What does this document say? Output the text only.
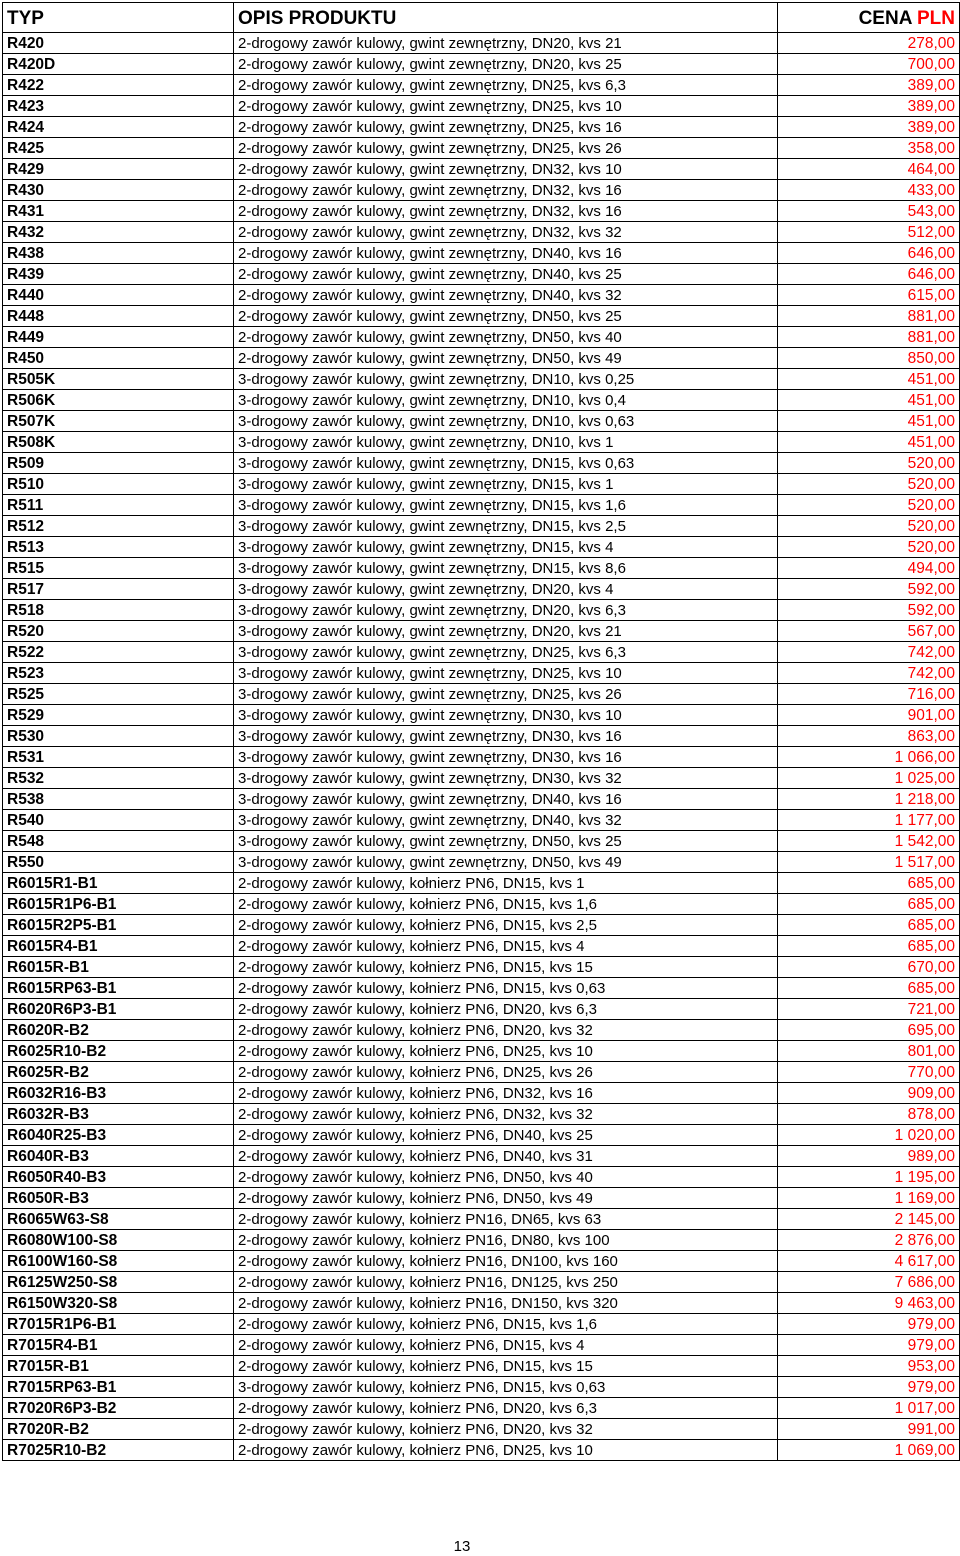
TYP	OPIS PRODUKTU	CENA PLN
R420	2-drogowy zawór kulowy, gwint zewnętrzny, DN20, kvs 21	278,00
R420D	2-drogowy zawór kulowy, gwint zewnętrzny, DN20, kvs 25	700,00
R422	2-drogowy zawór kulowy, gwint zewnętrzny, DN25, kvs 6,3	389,00
R423	2-drogowy zawór kulowy, gwint zewnętrzny, DN25, kvs 10	389,00
R424	2-drogowy zawór kulowy, gwint zewnętrzny, DN25, kvs 16	389,00
R425	2-drogowy zawór kulowy, gwint zewnętrzny, DN25, kvs 26	358,00
R429	2-drogowy zawór kulowy, gwint zewnętrzny, DN32, kvs 10	464,00
R430	2-drogowy zawór kulowy, gwint zewnętrzny, DN32, kvs 16	433,00
R431	2-drogowy zawór kulowy, gwint zewnętrzny, DN32, kvs 16	543,00
R432	2-drogowy zawór kulowy, gwint zewnętrzny, DN32, kvs 32	512,00
R438	2-drogowy zawór kulowy, gwint zewnętrzny, DN40, kvs 16	646,00
R439	2-drogowy zawór kulowy, gwint zewnętrzny, DN40, kvs 25	646,00
R440	2-drogowy zawór kulowy, gwint zewnętrzny, DN40, kvs 32	615,00
R448	2-drogowy zawór kulowy, gwint zewnętrzny, DN50, kvs 25	881,00
R449	2-drogowy zawór kulowy, gwint zewnętrzny, DN50, kvs 40	881,00
R450	2-drogowy zawór kulowy, gwint zewnętrzny, DN50, kvs 49	850,00
R505K	3-drogowy zawór kulowy, gwint zewnętrzny, DN10, kvs 0,25	451,00
R506K	3-drogowy zawór kulowy, gwint zewnętrzny, DN10, kvs 0,4	451,00
R507K	3-drogowy zawór kulowy, gwint zewnętrzny, DN10, kvs 0,63	451,00
R508K	3-drogowy zawór kulowy, gwint zewnętrzny, DN10, kvs 1	451,00
R509	3-drogowy zawór kulowy, gwint zewnętrzny, DN15, kvs 0,63	520,00
R510	3-drogowy zawór kulowy, gwint zewnętrzny, DN15, kvs 1	520,00
R511	3-drogowy zawór kulowy, gwint zewnętrzny, DN15, kvs 1,6	520,00
R512	3-drogowy zawór kulowy, gwint zewnętrzny, DN15, kvs 2,5	520,00
R513	3-drogowy zawór kulowy, gwint zewnętrzny, DN15, kvs 4	520,00
R515	3-drogowy zawór kulowy, gwint zewnętrzny, DN15, kvs 8,6	494,00
R517	3-drogowy zawór kulowy, gwint zewnętrzny, DN20, kvs 4	592,00
R518	3-drogowy zawór kulowy, gwint zewnętrzny, DN20, kvs 6,3	592,00
R520	3-drogowy zawór kulowy, gwint zewnętrzny, DN20, kvs 21	567,00
R522	3-drogowy zawór kulowy, gwint zewnętrzny, DN25, kvs 6,3	742,00
R523	3-drogowy zawór kulowy, gwint zewnętrzny, DN25, kvs 10	742,00
R525	3-drogowy zawór kulowy, gwint zewnętrzny, DN25, kvs 26	716,00
R529	3-drogowy zawór kulowy, gwint zewnętrzny, DN30, kvs 10	901,00
R530	3-drogowy zawór kulowy, gwint zewnętrzny, DN30, kvs 16	863,00
R531	3-drogowy zawór kulowy, gwint zewnętrzny, DN30, kvs 16	1 066,00
R532	3-drogowy zawór kulowy, gwint zewnętrzny, DN30, kvs 32	1 025,00
R538	3-drogowy zawór kulowy, gwint zewnętrzny, DN40, kvs 16	1 218,00
R540	3-drogowy zawór kulowy, gwint zewnętrzny, DN40, kvs 32	1 177,00
R548	3-drogowy zawór kulowy, gwint zewnętrzny, DN50, kvs 25	1 542,00
R550	3-drogowy zawór kulowy, gwint zewnętrzny, DN50, kvs 49	1 517,00
R6015R1-B1	2-drogowy zawór kulowy, kołnierz PN6, DN15, kvs 1	685,00
R6015R1P6-B1	2-drogowy zawór kulowy, kołnierz PN6, DN15, kvs 1,6	685,00
R6015R2P5-B1	2-drogowy zawór kulowy, kołnierz PN6, DN15, kvs 2,5	685,00
R6015R4-B1	2-drogowy zawór kulowy, kołnierz PN6, DN15, kvs 4	685,00
R6015R-B1	2-drogowy zawór kulowy, kołnierz PN6, DN15, kvs 15	670,00
R6015RP63-B1	2-drogowy zawór kulowy, kołnierz PN6, DN15, kvs 0,63	685,00
R6020R6P3-B1	2-drogowy zawór kulowy, kołnierz PN6, DN20, kvs 6,3	721,00
R6020R-B2	2-drogowy zawór kulowy, kołnierz PN6, DN20, kvs 32	695,00
R6025R10-B2	2-drogowy zawór kulowy, kołnierz PN6, DN25, kvs 10	801,00
R6025R-B2	2-drogowy zawór kulowy, kołnierz PN6, DN25, kvs 26	770,00
R6032R16-B3	2-drogowy zawór kulowy, kołnierz PN6, DN32, kvs 16	909,00
R6032R-B3	2-drogowy zawór kulowy, kołnierz PN6, DN32, kvs 32	878,00
R6040R25-B3	2-drogowy zawór kulowy, kołnierz PN6, DN40, kvs 25	1 020,00
R6040R-B3	2-drogowy zawór kulowy, kołnierz PN6, DN40, kvs 31	989,00
R6050R40-B3	2-drogowy zawór kulowy, kołnierz PN6, DN50, kvs 40	1 195,00
R6050R-B3	2-drogowy zawór kulowy, kołnierz PN6, DN50, kvs 49	1 169,00
R6065W63-S8	2-drogowy zawór kulowy, kołnierz PN16, DN65, kvs 63	2 145,00
R6080W100-S8	2-drogowy zawór kulowy, kołnierz PN16, DN80, kvs 100	2 876,00
R6100W160-S8	2-drogowy zawór kulowy, kołnierz PN16, DN100, kvs 160	4 617,00
R6125W250-S8	2-drogowy zawór kulowy, kołnierz PN16, DN125, kvs 250	7 686,00
R6150W320-S8	2-drogowy zawór kulowy, kołnierz PN16, DN150, kvs 320	9 463,00
R7015R1P6-B1	2-drogowy zawór kulowy, kołnierz PN6, DN15, kvs 1,6	979,00
R7015R4-B1	2-drogowy zawór kulowy, kołnierz PN6, DN15, kvs 4	979,00
R7015R-B1	2-drogowy zawór kulowy, kołnierz PN6, DN15, kvs 15	953,00
R7015RP63-B1	3-drogowy zawór kulowy, kołnierz PN6, DN15, kvs 0,63	979,00
R7020R6P3-B2	2-drogowy zawór kulowy, kołnierz PN6, DN20, kvs 6,3	1 017,00
R7020R-B2	2-drogowy zawór kulowy, kołnierz PN6, DN20, kvs 32	991,00
R7025R10-B2	2-drogowy zawór kulowy, kołnierz PN6, DN25, kvs 10	1 069,00
13
